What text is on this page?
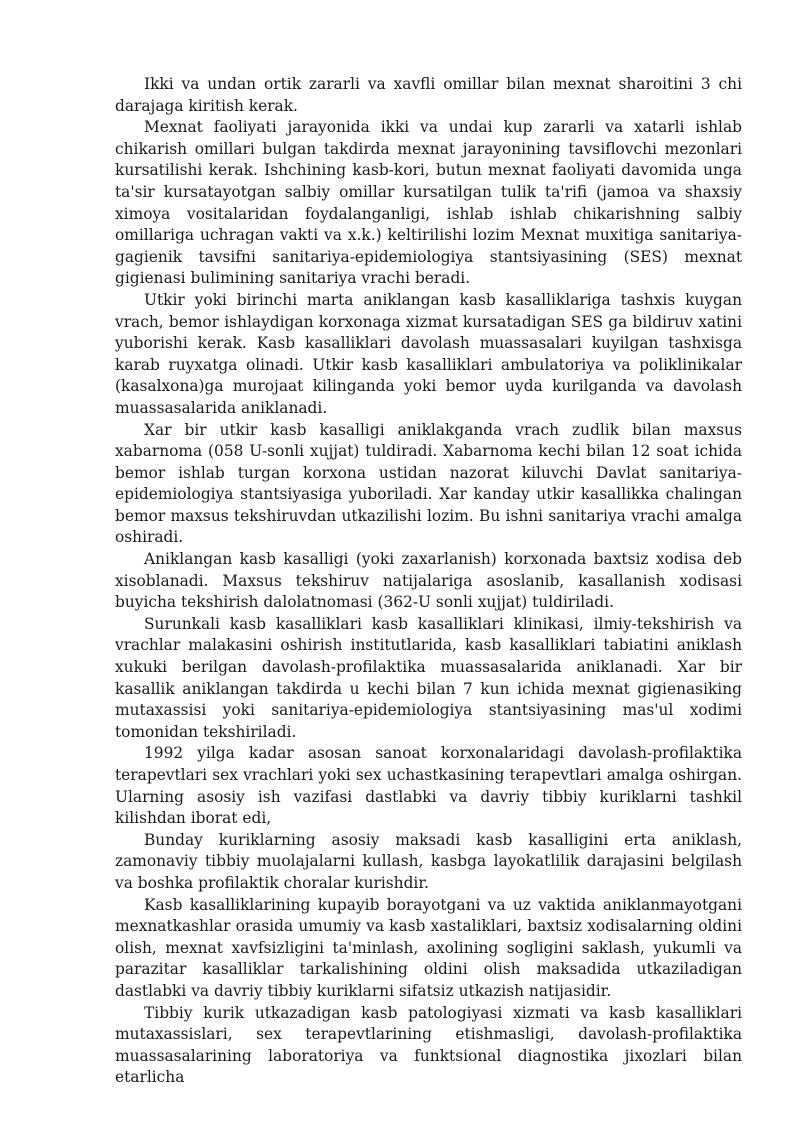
Ikki va undan ortik zararli va xavfli omillar bilan mexnat sharoitini 3 chi darajaga kiritish kerak.

Mexnat faoliyati jarayonida ikki va undai kup zararli va xatarli ishlab chikarish omillari bulgan takdirda mexnat jarayonining tavsiflovchi mezonlari kursatilishi kerak. Ishchining kasb-kori, butun mexnat faoliyati davomida unga ta'sir kursatayotgan salbiy omillar kursatilgan tulik ta'rifi (jamoa va shaxsiy ximoya vositalaridan foydalanganligi, ishlab ishlab chikarishning salbiy omillariga uchragan vakti va x.k.) keltirilishi lozim Mexnat muxitiga sanitariya-gagienik tavsifni sanitariya-epidemiologiya stantsiyasining (SES) mexnat gigienasi bulimining sanitariya vrachi beradi.

Utkir yoki birinchi marta aniklangan kasb kasalliklariga tashxis kuygan vrach, bemor ishlaydigan korxonaga xizmat kursatadigan SES ga bildiruv xatini yuborishi kerak. Kasb kasalliklari davolash muassasalari kuyilgan tashxisga karab ruyxatga olinadi. Utkir kasb kasalliklari ambulatoriya va poliklinikalar (kasalxona)ga murojaat kilinganda yoki bemor uyda kurilganda va davolash muassasalarida aniklanadi.

Xar bir utkir kasb kasalligi aniklakganda vrach zudlik bilan maxsus xabarnoma (058 U-sonli xujjat) tuldiradi. Xabarnoma kechi bilan 12 soat ichida bemor ishlab turgan korxona ustidan nazorat kiluvchi Davlat sanitariya-epidemiologiya stantsiyasiga yuboriladi. Xar kanday utkir kasallikka chalingan bemor maxsus tekshiruvdan utkazilishi lozim. Bu ishni sanitariya vrachi amalga oshiradi.

Aniklangan kasb kasalligi (yoki zaxarlanish) korxonada baxtsiz xodisa deb xisoblanadi. Maxsus tekshiruv natijalariga asoslanib, kasallanish xodisasi buyicha tekshirish dalolatnomasi (362-U sonli xujjat) tuldiriladi.

Surunkali kasb kasalliklari kasb kasalliklari klinikasi, ilmiy-tekshirish va vrachlar malakasini oshirish institutlarida, kasb kasalliklari tabiatini aniklash xukuki berilgan davolash-profilaktika muassasalarida aniklanadi. Xar bir kasallik aniklangan takdirda u kechi bilan 7 kun ichida mexnat gigienasiking mutaxassisi yoki sanitariya-epidemiologiya stantsiyasining mas'ul xodimi tomonidan tekshiriladi.

1992 yilga kadar asosan sanoat korxonalaridagi davolash-profilaktika terapevtlari sex vrachlari yoki sex uchastkasining terapevtlari amalga oshirgan. Ularning asosiy ish vazifasi dastlabki va davriy tibbiy kuriklarni tashkil kilishdan iborat edi,

Bunday kuriklarning asosiy maksadi kasb kasalligini erta aniklash, zamonaviy tibbiy muolajalarni kullash, kasbga layokatlilik darajasini belgilash va boshka profilaktik choralar kurishdir.

Kasb kasalliklarining kupayib borayotgani va uz vaktida aniklanmayotgani mexnatkashlar orasida umumiy va kasb xastaliklari, baxtsiz xodisalarning oldini olish, mexnat xavfsizligini ta'minlash, axolining sogligini saklash, yukumli va parazitar kasalliklar tarkalishining oldini olish maksadida utkaziladigan dastlabki va davriy tibbiy kuriklarni sifatsiz utkazish natijasidir.

Tibbiy kurik utkazadigan kasb patologiyasi xizmati va kasb kasalliklari mutaxassislari, sex terapevtlarining etishmasligi, davolash-profilaktika muassasalarining laboratoriya va funktsional diagnostika jixozlari bilan etarlicha
